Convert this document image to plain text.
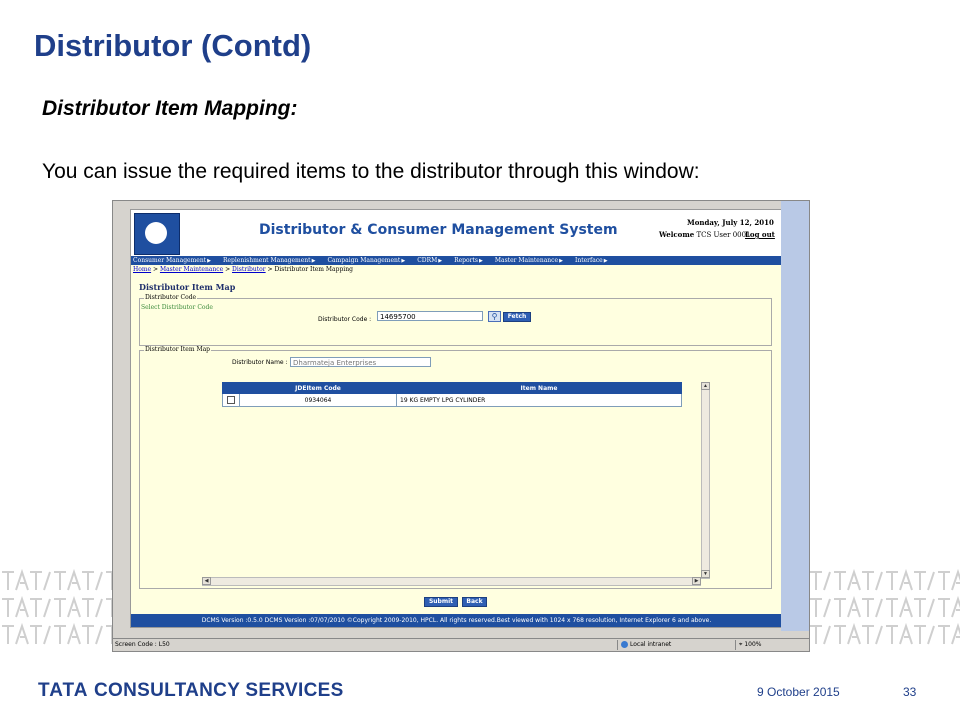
Distributor (Contd)
Distributor Item Mapping:
You can issue the required items to the distributor through this window:
Distributor & Consumer Management System	Monday, July 12, 2010
Welcome TCS User 0001
Log out
Consumer Management ▶	Replenishment Management ▶	Campaign Management ▶	CDRM ▶	Reports ▶	Master Maintenance ▶	Interface ▶
Home > Master Maintenance > Distributor > Distributor Item Mapping
Distributor Item Map
Distributor Code
Select Distributor Code
Distributor Code :	14695700	⚲	Fetch
Distributor Item Map
Distributor Name : Dharmateja Enterprises
	JDEItem Code	Item Name
	0934064	19 KG EMPTY LPG CYLINDER
▲
▼
◀	▶
Submit	Back
DCMS Version :0.5.0 DCMS Version :07/07/2010 ©Copyright 2009-2010, HPCL. All rights reserved.Best viewed with 1024 x 768 resolution, Internet Explorer 6 and above.
Screen Code : L50	Local intranet	⌖ 100%
TATA CONSULTANCY SERVICES	9 October 2015	33
